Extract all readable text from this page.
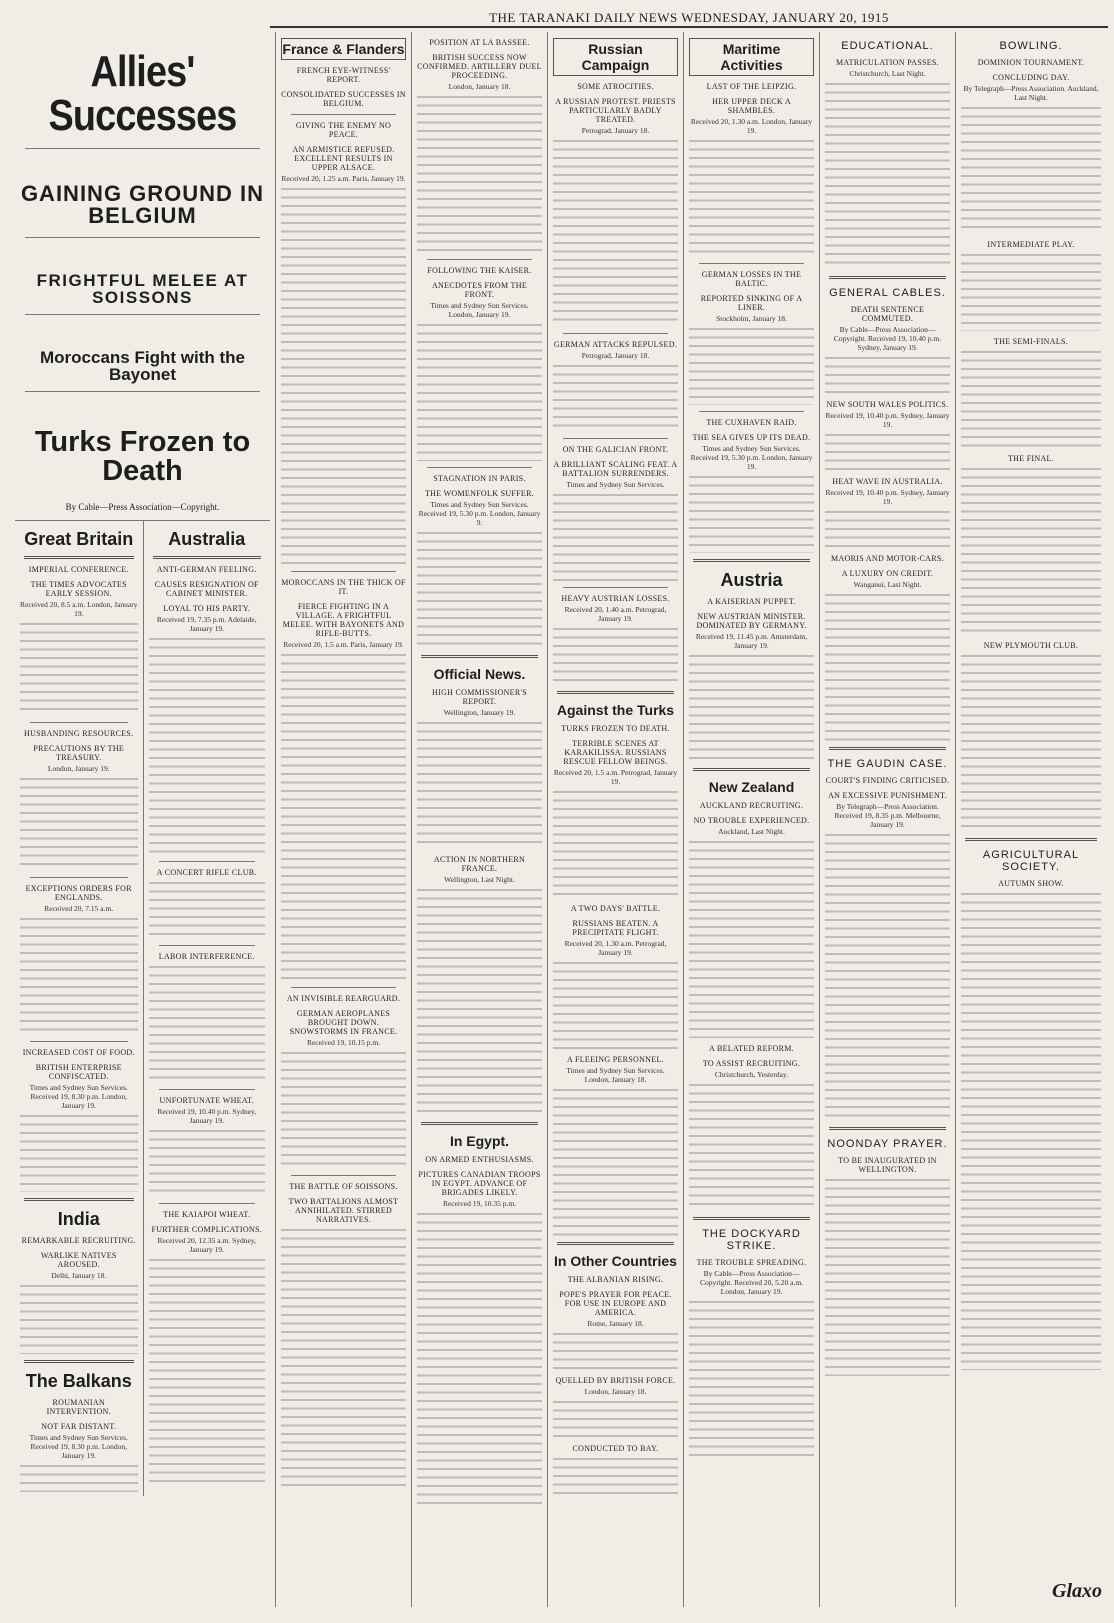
THE TARANAKI DAILY NEWS WEDNESDAY, JANUARY 20, 1915
Allies' Successes
GAINING GROUND IN BELGIUM
FRIGHTFUL MELEE AT SOISSONS
Moroccans Fight with the Bayonet
Turks Frozen to Death
By Cable—Press Association—Copyright.
Great Britain
IMPERIAL CONFERENCE.
THE TIMES ADVOCATES EARLY SESSION.
Received 20, 8.5 a.m. London, January 19.
HUSBANDING RESOURCES.
PRECAUTIONS BY THE TREASURY.
London, January 19.
EXCEPTIONS ORDERS FOR ENGLANDS.
Received 20, 7.15 a.m.
INCREASED COST OF FOOD.
BRITISH ENTERPRISE CONFISCATED.
Times and Sydney Sun Services. Received 19, 8.30 p.m. London, January 19.
India
REMARKABLE RECRUITING.
WARLIKE NATIVES AROUSED.
Delhi, January 18.
The Balkans
ROUMANIAN INTERVENTION.
NOT FAR DISTANT.
Times and Sydney Sun Services. Received 19, 8.30 p.m. London, January 19.
Australia
ANTI-GERMAN FEELING.
CAUSES RESIGNATION OF CABINET MINISTER.
LOYAL TO HIS PARTY.
Received 19, 7.35 p.m. Adelaide, January 19.
A CONCERT RIFLE CLUB.
LABOR INTERFERENCE.
UNFORTUNATE WHEAT.
Received 19, 10.40 p.m. Sydney, January 19.
THE KAIAPOI WHEAT.
FURTHER COMPLICATIONS.
Received 20, 12.35 a.m. Sydney, January 19.
France & Flanders
FRENCH EYE-WITNESS' REPORT.
CONSOLIDATED SUCCESSES IN BELGIUM.
GIVING THE ENEMY NO PEACE.
AN ARMISTICE REFUSED. EXCELLENT RESULTS IN UPPER ALSACE.
Received 20, 1.25 a.m. Paris, January 19.
MOROCCANS IN THE THICK OF IT.
FIERCE FIGHTING IN A VILLAGE. A FRIGHTFUL MELEE. WITH BAYONETS AND RIFLE-BUTTS.
Received 20, 1.5 a.m. Paris, January 19.
AN INVISIBLE REARGUARD.
GERMAN AEROPLANES BROUGHT DOWN. SNOWSTORMS IN FRANCE.
Received 19, 10.15 p.m.
THE BATTLE OF SOISSONS.
TWO BATTALIONS ALMOST ANNIHILATED. STIRRED NARRATIVES.
POSITION AT LA BASSEE.
BRITISH SUCCESS NOW CONFIRMED. ARTILLERY DUEL PROCEEDING.
London, January 18.
FOLLOWING THE KAISER.
ANECDOTES FROM THE FRONT.
Times and Sydney Sun Services. London, January 19.
STAGNATION IN PARIS.
THE WOMENFOLK SUFFER.
Times and Sydney Sun Services. Received 19, 5.30 p.m. London, January 9.
Official News.
HIGH COMMISSIONER'S REPORT.
Wellington, January 19.
ACTION IN NORTHERN FRANCE.
Wellington, Last Night.
In Egypt.
ON ARMED ENTHUSIASMS.
PICTURES CANADIAN TROOPS IN EGYPT. ADVANCE OF BRIGADES LIKELY.
Received 19, 10.35 p.m.
Russian Campaign
SOME ATROCITIES.
A RUSSIAN PROTEST. PRIESTS PARTICULARLY BADLY TREATED.
Petrograd, January 18.
GERMAN ATTACKS REPULSED.
Petrograd, January 18.
ON THE GALICIAN FRONT.
A BRILLIANT SCALING FEAT. A BATTALION SURRENDERS.
Times and Sydney Sun Services.
HEAVY AUSTRIAN LOSSES.
Received 20, 1.40 a.m. Petrograd, January 19.
Against the Turks
TURKS FROZEN TO DEATH.
TERRIBLE SCENES AT KARAKILISSA. RUSSIANS RESCUE FELLOW BEINGS.
Received 20, 1.5 a.m. Petrograd, January 19.
A TWO DAYS' BATTLE.
RUSSIANS BEATEN. A PRECIPITATE FLIGHT.
Received 20, 1.30 a.m. Petrograd, January 19.
A FLEEING PERSONNEL.
Times and Sydney Sun Services. London, January 18.
In Other Countries
THE ALBANIAN RISING.
POPE'S PRAYER FOR PEACE. FOR USE IN EUROPE AND AMERICA.
Rome, January 18.
QUELLED BY BRITISH FORCE.
London, January 18.
CONDUCTED TO BAY.
Maritime Activities
LAST OF THE LEIPZIG.
HER UPPER DECK A SHAMBLES.
Received 20, 1.30 a.m. London, January 19.
GERMAN LOSSES IN THE BALTIC.
REPORTED SINKING OF A LINER.
Stockholm, January 18.
THE CUXHAVEN RAID.
THE SEA GIVES UP ITS DEAD.
Times and Sydney Sun Services. Received 19, 5.30 p.m. London, January 19.
Austria
A KAISERIAN PUPPET.
NEW AUSTRIAN MINISTER. DOMINATED BY GERMANY.
Received 19, 11.45 p.m. Amsterdam, January 19.
New Zealand
AUCKLAND RECRUITING.
NO TROUBLE EXPERIENCED.
Auckland, Last Night.
A BELATED REFORM.
TO ASSIST RECRUITING.
Christchurch, Yesterday.
THE DOCKYARD STRIKE.
THE TROUBLE SPREADING.
By Cable—Press Association—Copyright. Received 20, 5.20 a.m. London, January 19.
EDUCATIONAL.
MATRICULATION PASSES.
Christchurch, Last Night.
GENERAL CABLES.
DEATH SENTENCE COMMUTED.
By Cable—Press Association—Copyright. Received 19, 10.40 p.m. Sydney, January 19.
NEW SOUTH WALES POLITICS.
Received 19, 10.40 p.m. Sydney, January 19.
HEAT WAVE IN AUSTRALIA.
Received 19, 10.40 p.m. Sydney, January 19.
MAORIS AND MOTOR-CARS.
A LUXURY ON CREDIT.
Wanganui, Last Night.
THE GAUDIN CASE.
COURT'S FINDING CRITICISED.
AN EXCESSIVE PUNISHMENT.
By Telegraph—Press Association. Received 19, 8.35 p.m. Melbourne, January 19.
NOONDAY PRAYER.
TO BE INAUGURATED IN WELLINGTON.
BOWLING.
DOMINION TOURNAMENT.
CONCLUDING DAY.
By Telegraph—Press Association. Auckland, Last Night.
INTERMEDIATE PLAY.
THE SEMI-FINALS.
THE FINAL.
NEW PLYMOUTH CLUB.
AGRICULTURAL SOCIETY.
AUTUMN SHOW.
Glaxo
